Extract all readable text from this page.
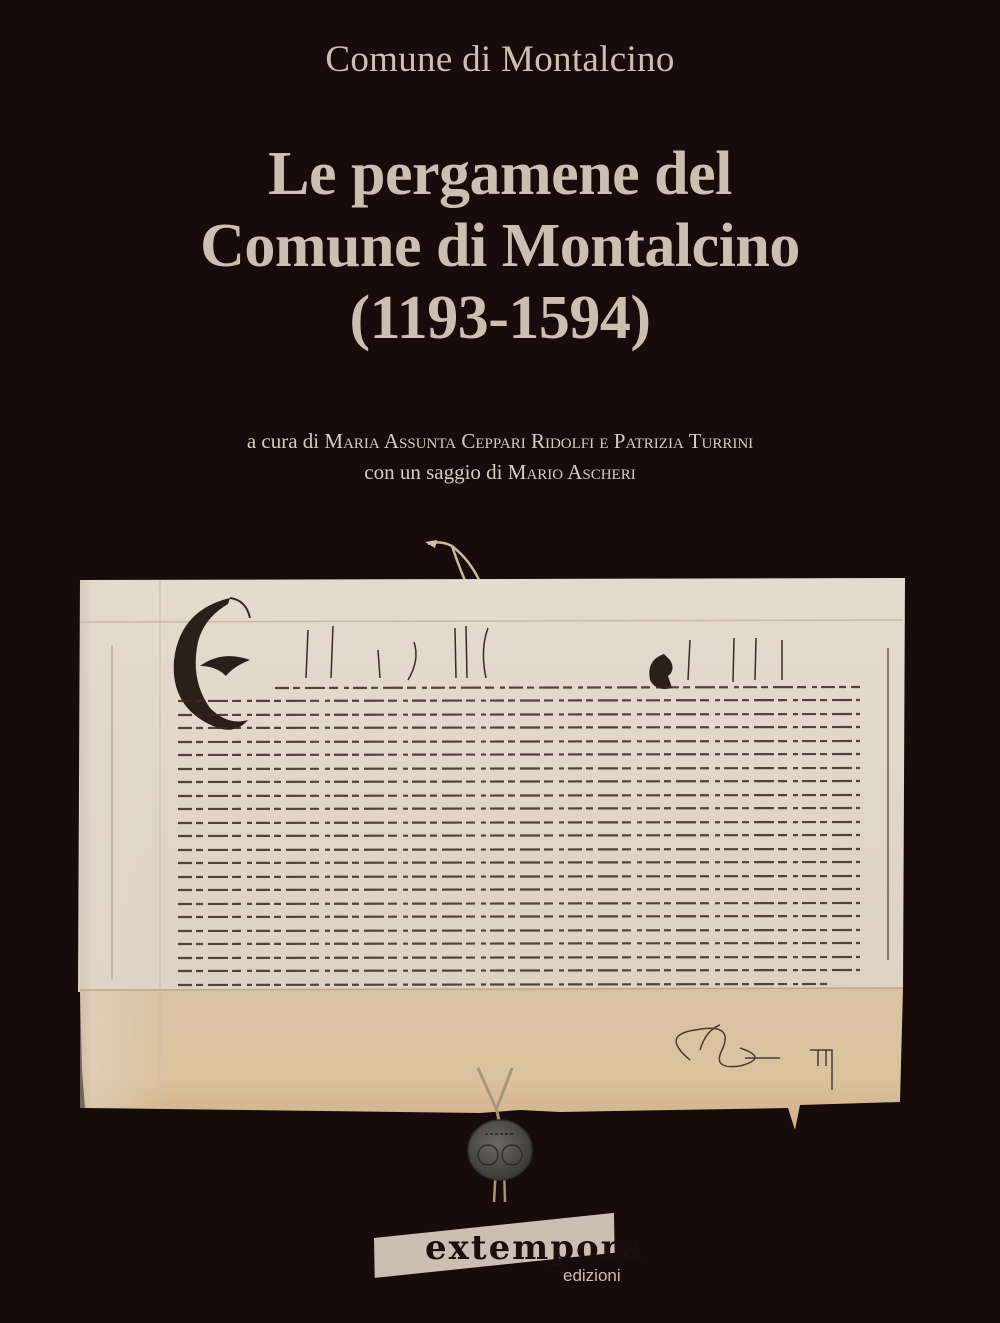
Comune di Montalcino
Le pergamene del
Comune di Montalcino
(1193-1594)
a cura di Maria Assunta Ceppari Ridolfi e Patrizia Turrini
con un saggio di Mario Ascheri
extempora
edizioni
